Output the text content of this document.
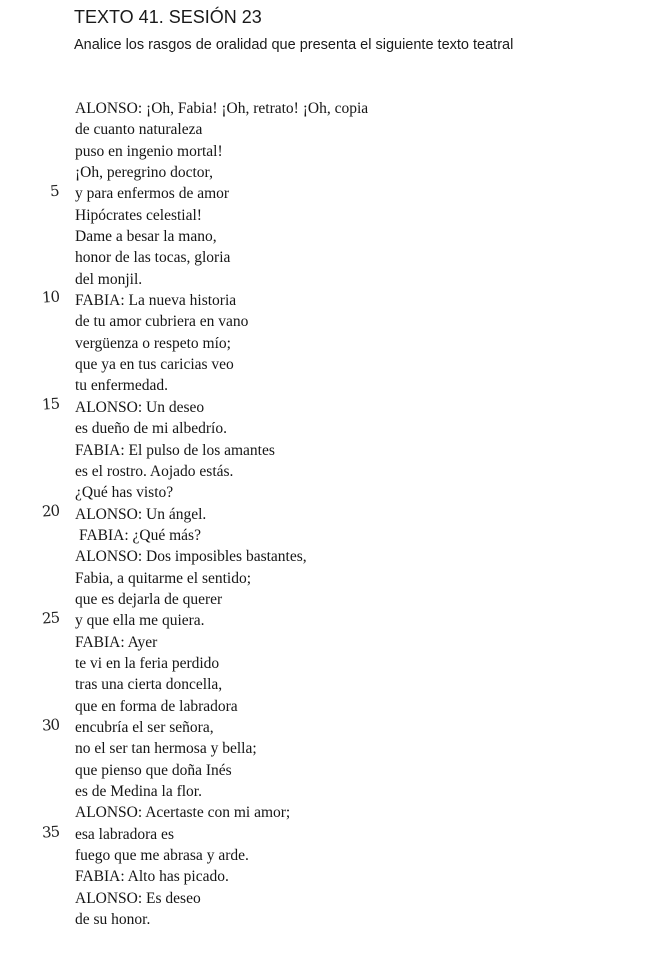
TEXTO 41. SESIÓN 23
Analice los rasgos de oralidad que presenta el siguiente texto teatral
ALONSO: ¡Oh, Fabia! ¡Oh, retrato! ¡Oh, copia
de cuanto naturaleza
puso en ingenio mortal!
¡Oh, peregrino doctor,
y para enfermos de amor
Hipócrates celestial!
Dame a besar la mano,
honor de las tocas, gloria
del monjil.
FABIA: La nueva historia
de tu amor cubriera en vano
vergüenza o respeto mío;
que ya en tus caricias veo
tu enfermedad.
ALONSO: Un deseo
es dueño de mi albedrío.
FABIA: El pulso de los amantes
es el rostro. Aojado estás.
¿Qué has visto?
ALONSO: Un ángel.
FABIA: ¿Qué más?
ALONSO: Dos imposibles bastantes,
Fabia, a quitarme el sentido;
que es dejarla de querer
y que ella me quiera.
FABIA: Ayer
te vi en la feria perdido
tras una cierta doncella,
que en forma de labradora
encubría el ser señora,
no el ser tan hermosa y bella;
que pienso que doña Inés
es de Medina la flor.
ALONSO: Acertaste con mi amor;
esa labradora es
fuego que me abrasa y arde.
FABIA: Alto has picado.
ALONSO: Es deseo
de su honor.
5
10
15
20
25
30
35
